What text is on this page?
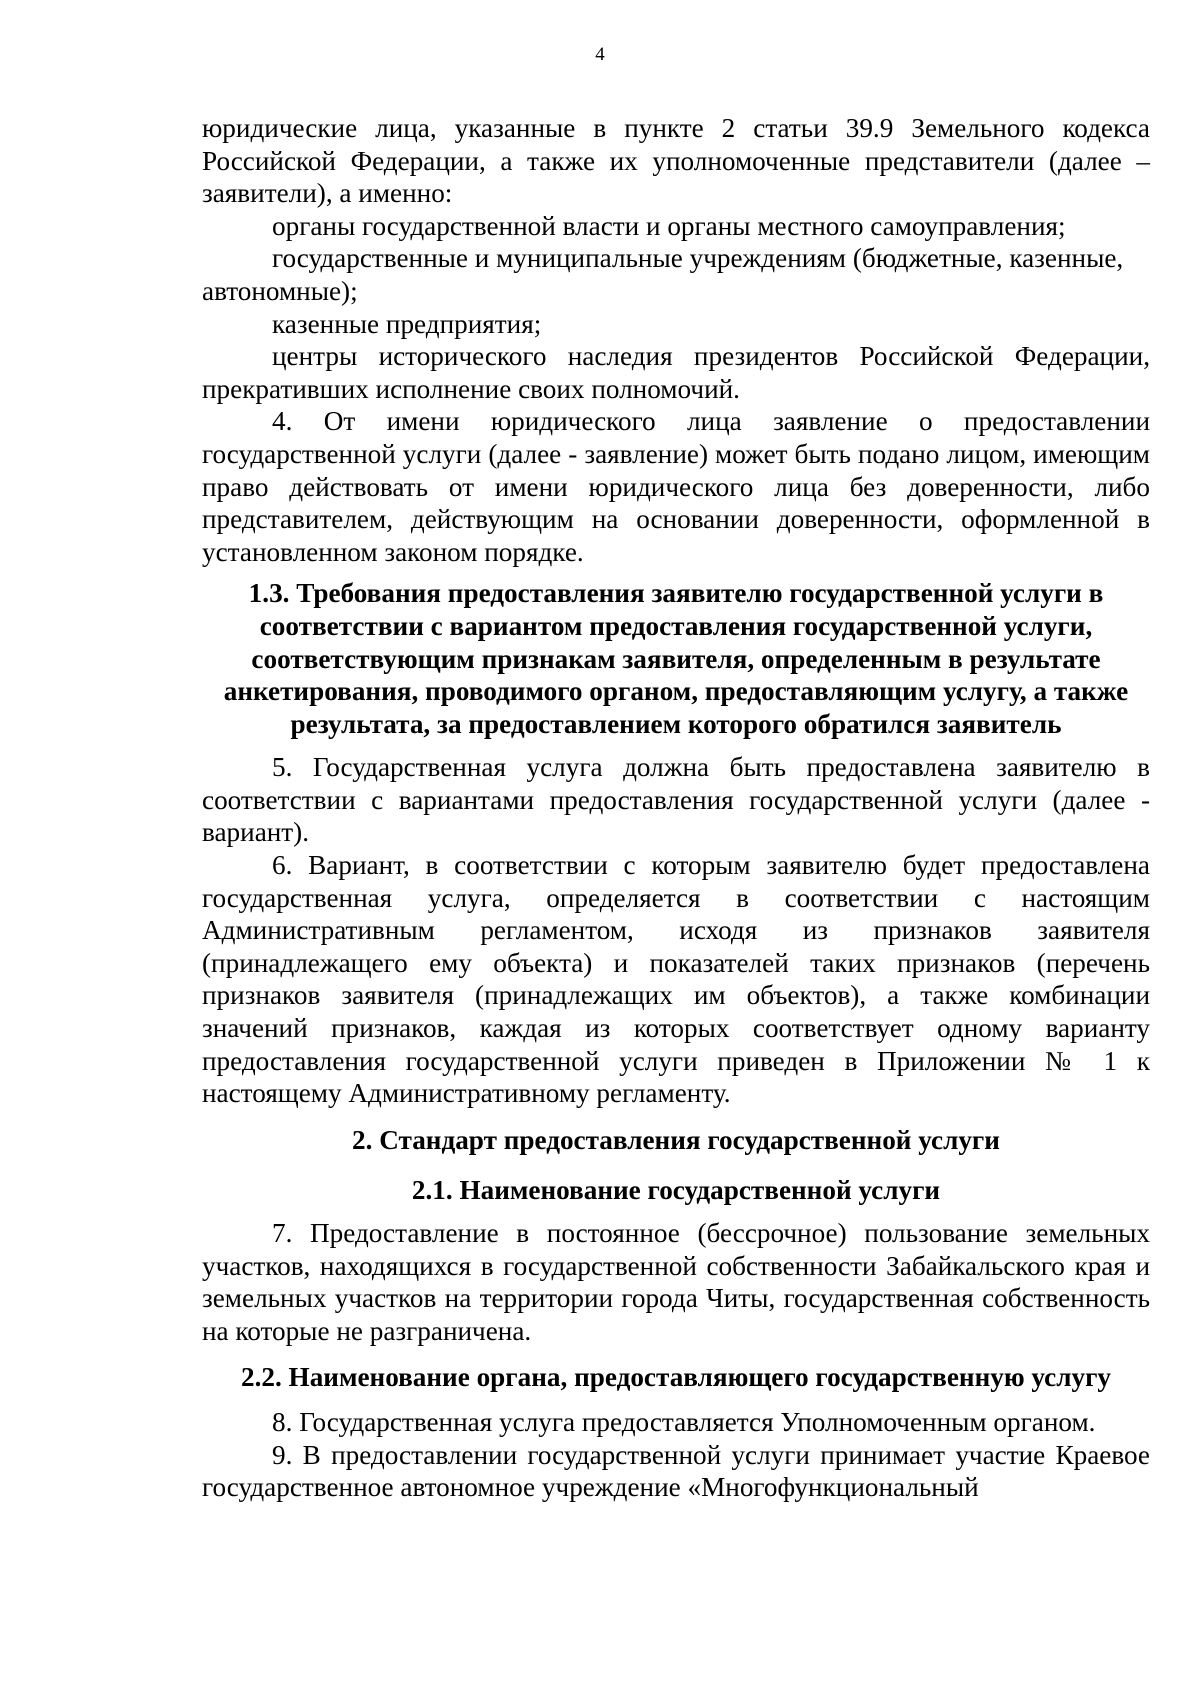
4

юридические лица, указанные в пункте 2 статьи 39.9 Земельного кодекса Российской Федерации, а также их уполномоченные представители (далее – заявители), а именно:

органы государственной власти и органы местного самоуправления;

государственные и муниципальные учреждениям (бюджетные, казенные, автономные);

казенные предприятия;

центры исторического наследия президентов Российской Федерации, прекративших исполнение своих полномочий.

4. От имени юридического лица заявление о предоставлении государственной услуги (далее - заявление) может быть подано лицом, имеющим право действовать от имени юридического лица без доверенности, либо представителем, действующим на основании доверенности, оформленной в установленном законом порядке.

1.3. Требования предоставления заявителю государственной услуги в соответствии с вариантом предоставления государственной услуги, соответствующим признакам заявителя, определенным в результате анкетирования, проводимого органом, предоставляющим услугу, а также результата, за предоставлением которого обратился заявитель

5. Государственная услуга должна быть предоставлена заявителю в соответствии с вариантами предоставления государственной услуги (далее - вариант).

6. Вариант, в соответствии с которым заявителю будет предоставлена государственная услуга, определяется в соответствии с настоящим Административным регламентом, исходя из признаков заявителя (принадлежащего ему объекта) и показателей таких признаков (перечень признаков заявителя (принадлежащих им объектов), а также комбинации значений признаков, каждая из которых соответствует одному варианту предоставления государственной услуги приведен в Приложении № 1 к настоящему Административному регламенту.

2. Стандарт предоставления государственной услуги
2.1. Наименование государственной услуги

7. Предоставление в постоянное (бессрочное) пользование земельных участков, находящихся в государственной собственности Забайкальского края и земельных участков на территории города Читы, государственная собственность на которые не разграничена.

2.2. Наименование органа, предоставляющего государственную услугу

8. Государственная услуга предоставляется Уполномоченным органом.

9. В предоставлении государственной услуги принимает участие Краевое государственное автономное учреждение «Многофункциональный
